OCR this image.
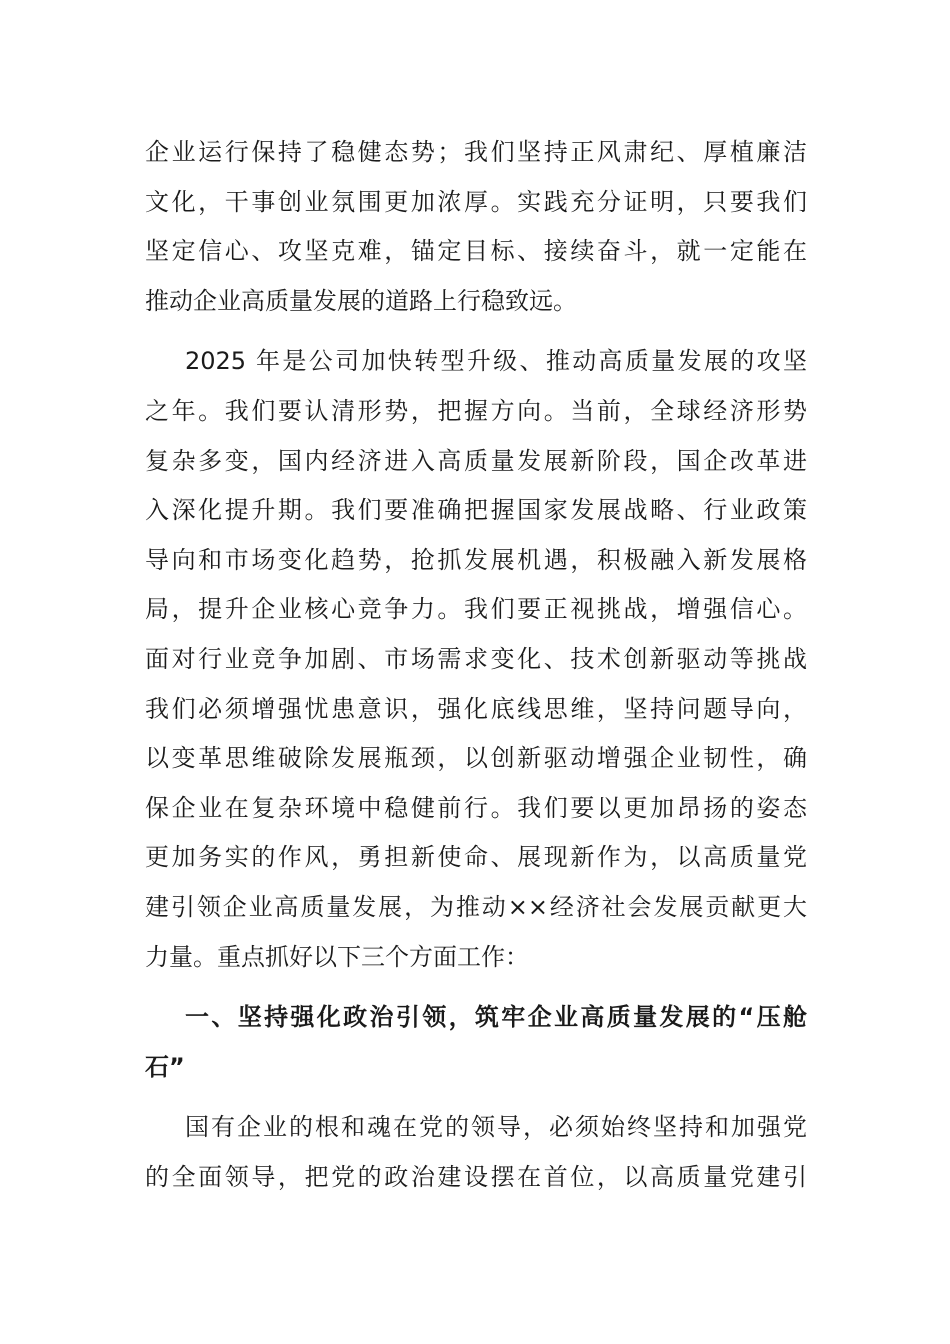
企业运行保持了稳健态势；我们坚持正风肃纪、厚植廉洁
文化，干事创业氛围更加浓厚。实践充分证明，只要我们
坚定信心、攻坚克难，锚定目标、接续奋斗，就一定能在
推动企业高质量发展的道路上行稳致远。

2025 年是公司加快转型升级、推动高质量发展的攻坚
之年。我们要认清形势，把握方向。当前，全球经济形势
复杂多变，国内经济进入高质量发展新阶段，国企改革进
入深化提升期。我们要准确把握国家发展战略、行业政策
导向和市场变化趋势，抢抓发展机遇，积极融入新发展格
局，提升企业核心竞争力。我们要正视挑战，增强信心。
面对行业竞争加剧、市场需求变化、技术创新驱动等挑战
我们必须增强忧患意识，强化底线思维，坚持问题导向，
以变革思维破除发展瓶颈，以创新驱动增强企业韧性，确
保企业在复杂环境中稳健前行。我们要以更加昂扬的姿态
更加务实的作风，勇担新使命、展现新作为，以高质量党
建引领企业高质量发展，为推动××经济社会发展贡献更大
力量。重点抓好以下三个方面工作：

一、坚持强化政治引领，筑牢企业高质量发展的“压舱
石”

国有企业的根和魂在党的领导，必须始终坚持和加强党
的全面领导，把党的政治建设摆在首位，以高质量党建引
